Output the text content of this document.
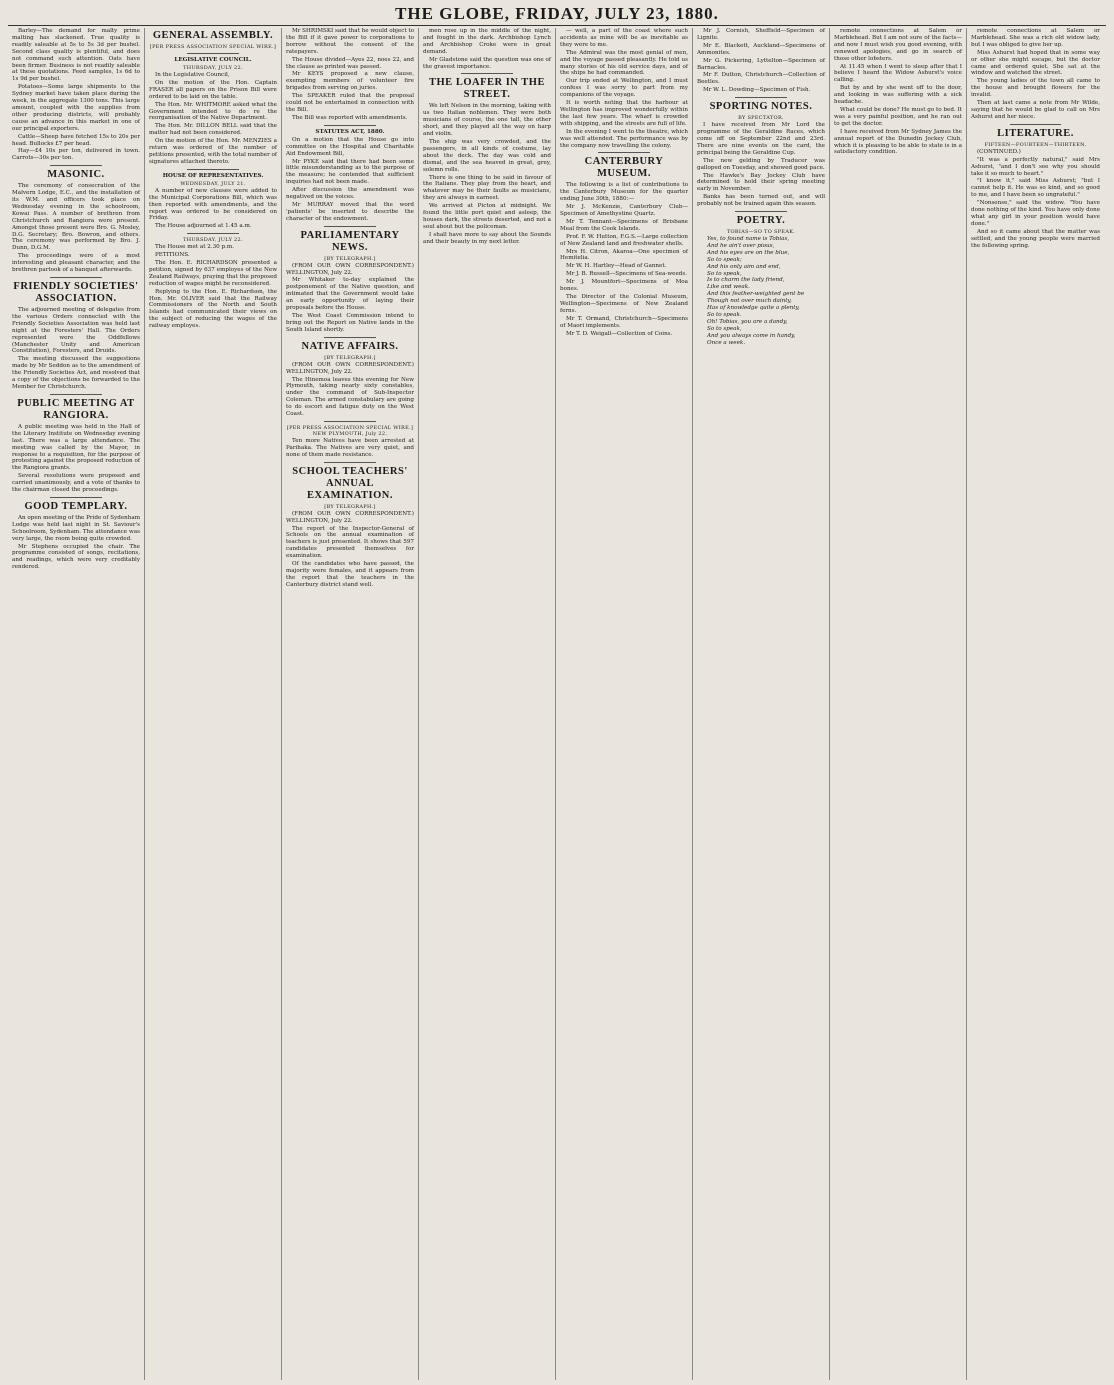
THE GLOBE, FRIDAY, JULY 23, 1880.

Barley—The demand for malty prime malting has slackened. True quality is readily saleable at 5s to 5s 3d per bushel. Second class quality is plentiful, and does not command such attention. Oats have been firmer. Business is not readily saleable at these quotations. Feed samples, 1s 6d to 1s 9d per bushel.

Potatoes—Some large shipments to the Sydney market have taken place during the week, in the aggregate 1300 tons. This large amount, coupled with the supplies from other producing districts, will probably cause an advance in this market in one of our principal exporters.

Cattle—Sheep have fetched 15s to 20s per head. Bullocks £7 per head.

Hay—£4 10s per ton, delivered in town. Carrots—30s per ton.

MASONIC.

The ceremony of consecration of the Malvern Lodge, E.C., and the installation of its W.M. and officers took place on Wednesday evening in the schoolroom, Kowai Pass. A number of brethren from Christchurch and Rangiora were present. Amongst those present were Bro. G. Mosley, D.G. Secretary; Bro. Bowron, and others. The ceremony was performed by Bro. J. Dunn, D.G.M.

The proceedings were of a most interesting and pleasant character, and the brethren partook of a banquet afterwards.

FRIENDLY SOCIETIES' ASSOCIATION.

The adjourned meeting of delegates from the various Orders connected with the Friendly Societies Association was held last night at the Foresters' Hall. The Orders represented were the Oddfellows (Manchester Unity and American Constitution), Foresters, and Druids.

The meeting discussed the suggestions made by Mr Seddon as to the amendment of the Friendly Societies Act, and resolved that a copy of the objections be forwarded to the Member for Christchurch.

PUBLIC MEETING AT RANGIORA.

A public meeting was held in the Hall of the Literary Institute on Wednesday evening last. There was a large attendance. The meeting was called by the Mayor, in response to a requisition, for the purpose of protesting against the proposed reduction of the Rangiora grants.

Several resolutions were proposed and carried unanimously, and a vote of thanks to the chairman closed the proceedings.

GOOD TEMPLARY.

An open meeting of the Pride of Sydenham Lodge was held last night in St. Saviour's Schoolroom, Sydenham. The attendance was very large, the room being quite crowded.

Mr Stephens occupied the chair. The programme consisted of songs, recitations, and readings, which were very creditably rendered.

GENERAL ASSEMBLY.
[PER PRESS ASSOCIATION SPECIAL WIRE.]
LEGISLATIVE COUNCIL.
THURSDAY, JULY 22.

In the Legislative Council,

On the motion of the Hon. Captain FRASER all papers on the Prison Bill were ordered to be laid on the table.

The Hon. Mr. WHITMORE asked what the Government intended to do re the reorganisation of the Native Department.

The Hon. Mr. DILLON BELL said that the matter had not been considered.

On the motion of the Hon. Mr. MENZIES a return was ordered of the number of petitions presented, with the total number of signatures attached thereto.

HOUSE OF REPRESENTATIVES.
WEDNESDAY, JULY 21.

A number of new clauses were added to the Municipal Corporations Bill, which was then reported with amendments, and the report was ordered to be considered on Friday.

The House adjourned at 1.45 a.m.

THURSDAY, JULY 22.

The House met at 2.30 p.m.

PETITIONS.

The Hon. E. RICHARDSON presented a petition, signed by 637 employes of the New Zealand Railways, praying that the proposed reduction of wages might be reconsidered.

Replying to the Hon. E. Richardson, the Hon. Mr. OLIVER said that the Railway Commissioners of the North and South Islands had communicated their views on the subject of reducing the wages of the railway employes.

Mr SHRIMSKI said that he would object to the Bill if it gave power to corporations to borrow without the consent of the ratepayers.

The House divided—Ayes 22, noes 22, and the clause as printed was passed.

Mr KEYS proposed a new clause, exempting members of volunteer fire brigades from serving on juries.

The SPEAKER ruled that the proposal could not be entertained in connection with the Bill.

The Bill was reported with amendments.

STATUTES ACT, 1880.

On a motion that the House go into committee on the Hospital and Charitable Aid Endowment Bill,

Mr PYKE said that there had been some little misunderstanding as to the purpose of the measure; he contended that sufficient inquiries had not been made.

After discussion the amendment was negatived on the voices.

Mr MURRAY moved that the word 'patients' be inserted to describe the character of the endowment.

PARLIAMENTARY NEWS.
[BY TELEGRAPH.]

(FROM OUR OWN CORRESPONDENT.) WELLINGTON, July 22.

Mr Whitaker to-day explained the postponement of the Native question, and intimated that the Government would take an early opportunity of laying their proposals before the House.

The West Coast Commission intend to bring out the Report on Native lands in the South Island shortly.

NATIVE AFFAIRS.
[BY TELEGRAPH.]

(FROM OUR OWN CORRESPONDENT.) WELLINGTON, July 22.

The Hinemoa leaves this evening for New Plymouth, taking nearly sixty constables, under the command of Sub-Inspector Coleman. The armed constabulary are going to do escort and fatigue duty on the West Coast.

[PER PRESS ASSOCIATION SPECIAL WIRE.] NEW PLYMOUTH, July 22.

Ten more Natives have been arrested at Parihaka. The Natives are very quiet, and none of them made resistance.

SCHOOL TEACHERS' ANNUAL EXAMINATION.
[BY TELEGRAPH.]

(FROM OUR OWN CORRESPONDENT.) WELLINGTON, July 22.

The report of the Inspector-General of Schools on the annual examination of teachers is just presented. It shows that 597 candidates presented themselves for examination.

Of the candidates who have passed, the majority were females, and it appears from the report that the teachers in the Canterbury district stand well.

men rose up in the middle of the night, and fought in the dark. Archbishop Lynch and Archbishop Croke were in great demand.

Mr Gladstone said the question was one of the gravest importance.

THE LOAFER IN THE STREET.

We left Nelson in the morning, taking with us two Italian noblemen. They were both musicians of course, the one tall, the other short, and they played all the way on harp and violin.

The ship was very crowded, and the passengers, in all kinds of costume, lay about the deck. The day was cold and dismal, and the sea heaved in great, grey, solemn rolls.

There is one thing to be said in favour of the Italians. They play from the heart, and whatever may be their faults as musicians, they are always in earnest.

We arrived at Picton at midnight. We found the little port quiet and asleep, the houses dark, the streets deserted, and not a soul about but the policeman.

I shall have more to say about the Sounds and their beauty in my next letter.

— well, a part of the coast where such accidents as mine will be as inevitable as they were to me.

The Admiral was the most genial of men, and the voyage passed pleasantly. He told us many stories of his old service days, and of the ships he had commanded.

Our trip ended at Wellington, and I must confess I was sorry to part from my companions of the voyage.

It is worth noting that the harbour at Wellington has improved wonderfully within the last few years. The wharf is crowded with shipping, and the streets are full of life.

In the evening I went to the theatre, which was well attended. The performance was by the company now travelling the colony.

CANTERBURY MUSEUM.

The following is a list of contributions to the Canterbury Museum for the quarter ending June 30th, 1880:—

Mr J. McKenzie, Canterbury Club—Specimen of Amethystine Quartz.

Mr T. Tennant—Specimens of Brisbane Meal from the Cook Islands.

Prof. F. W. Hutton, F.G.S.—Large collection of New Zealand land and freshwater shells.

Mrs H. Citron, Akaroa—One specimen of Hemitelia.

Mr W. H. Hartley—Head of Gannet.

Mr J. B. Russell—Specimens of Sea-weeds.

Mr J. Mountfort—Specimens of Moa bones.

The Director of the Colonial Museum, Wellington—Specimens of New Zealand ferns.

Mr T. Ormand, Christchurch—Specimens of Maori implements.

Mr T. D. Weigall—Collection of Coins.

Mr J. Cornish, Sheffield—Specimen of Lignite.

Mr E. Blackett, Auckland—Specimens of Ammonites.

Mr G. Pickering, Lyttelton—Specimen of Barnacles.

Mr F. Dutton, Christchurch—Collection of Beetles.

Mr W. L. Dowding—Specimen of Fish.

SPORTING NOTES.
BY SPECTATOR.

I have received from Mr Lord the programme of the Geraldine Races, which come off on September 22nd and 23rd. There are nine events on the card, the principal being the Geraldine Cup.

The new gelding by Traducer was galloped on Tuesday, and showed good pace.

The Hawke's Bay Jockey Club have determined to hold their spring meeting early in November.

Banks has been turned out, and will probably not be trained again this season.

POETRY.
TOBIAS—SO TO SPEAK.

Yes, to found name is Tobias,

And he ain't over pious,

And his eyes are on the blue,

So to speak;

And his only aim and end,

So to speak,

Is to charm the lady friend,

Like and weak.

And this feather-weighted gent be

Though not over much dainty,

Has of knowledge quite a plenty,

So to speak.

Oh! Tobias, you are a dandy,

So to speak,

And you always come in handy,

Once a week.

remote connections at Salem or Marblehead. But I am not sure of the facts—and now I must wish you good evening, with renewed apologies, and go in search of those other lobsters.

At 11.45 when I went to sleep after that I believe I heard the Widow Ashurst's voice calling.

But by and by she went off to the door, and looking in was suffering with a sick headache.

What could be done? He must go to bed. It was a very painful position, and he ran out to get the doctor.

I have received from Mr Sydney James the annual report of the Dunedin Jockey Club, which it is pleasing to be able to state is in a satisfactory condition.

remote connections at Salem or Marblehead. She was a rich old widow lady, but I was obliged to give her up.

Miss Ashurst had hoped that in some way or other she might escape, but the doctor came and ordered quiet. She sat at the window and watched the street.

The young ladies of the town all came to the house and brought flowers for the invalid.

Then at last came a note from Mr Wilde, saying that he would be glad to call on Mrs Ashurst and her niece.

LITERATURE.
FIFTEEN—FOURTEEN—THIRTEEN.

(CONTINUED.)

"It was a perfectly natural," said Mrs Ashurst, "and I don't see why you should take it so much to heart."

"I know it," said Miss Ashurst; "but I cannot help it. He was so kind, and so good to me, and I have been so ungrateful."

"Nonsense," said the widow. "You have done nothing of the kind. You have only done what any girl in your position would have done."

And so it came about that the matter was settled, and the young people were married the following spring.
